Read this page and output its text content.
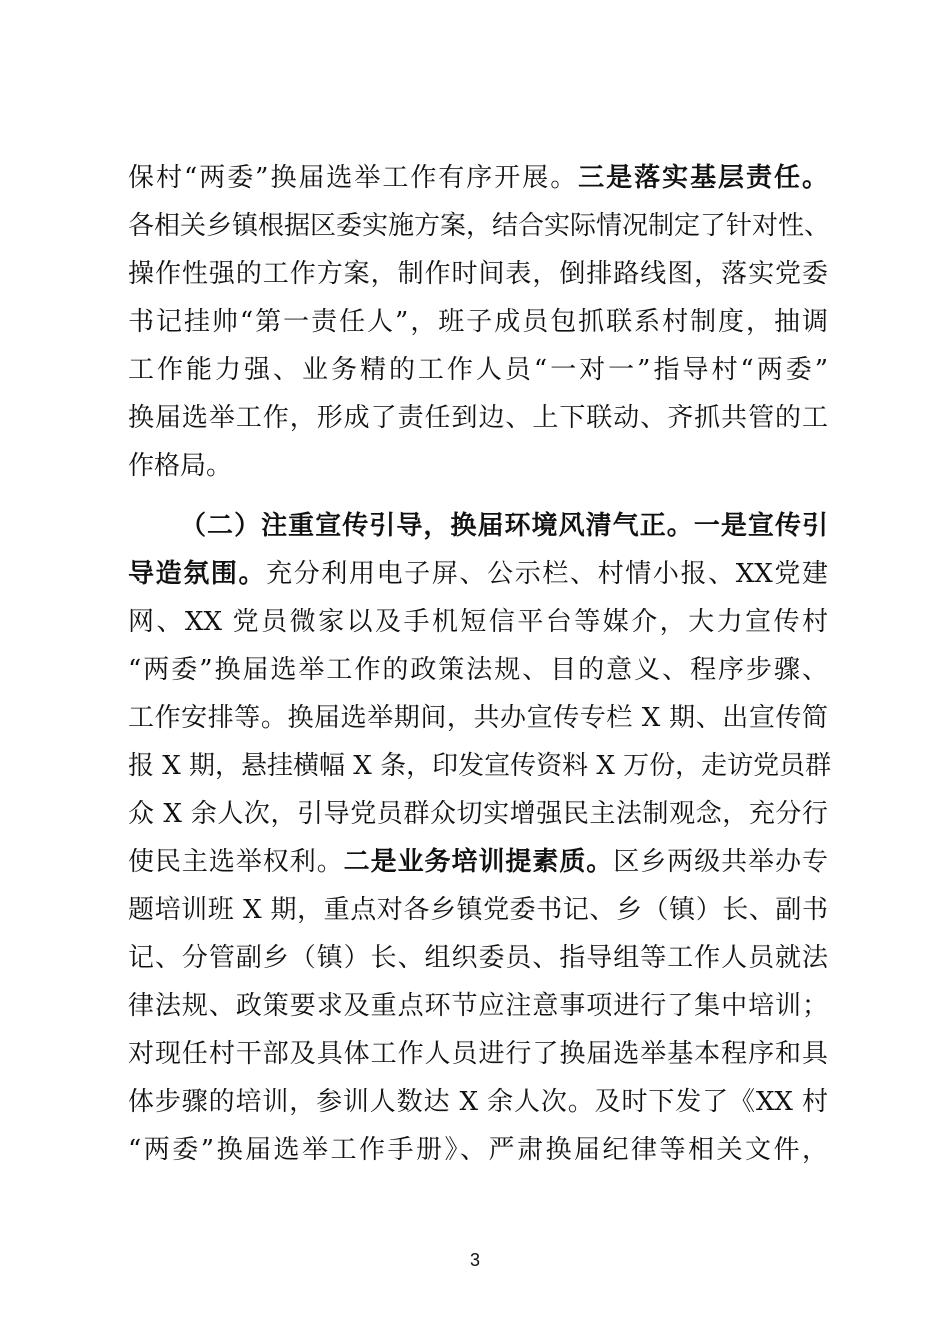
保村“两委”换届选举工作有序开展。三是落实基层责任。
各相关乡镇根据区委实施方案，结合实际情况制定了针对性、
操作性强的工作方案，制作时间表，倒排路线图，落实党委
书记挂帅“第一责任人”，班子成员包抓联系村制度，抽调
工作能力强、业务精的工作人员“一对一”指导村“两委”
换届选举工作，形成了责任到边、上下联动、齐抓共管的工
作格局。
（二）注重宣传引导，换届环境风清气正。一是宣传引
导造氛围。充分利用电子屏、公示栏、村情小报、XX党建
网、XX 党员微家以及手机短信平台等媒介，大力宣传村
“两委”换届选举工作的政策法规、目的意义、程序步骤、
工作安排等。换届选举期间，共办宣传专栏 X 期、出宣传简
报 X 期，悬挂横幅 X 条，印发宣传资料 X 万份，走访党员群
众 X 余人次，引导党员群众切实增强民主法制观念，充分行
使民主选举权利。二是业务培训提素质。区乡两级共举办专
题培训班 X 期，重点对各乡镇党委书记、乡（镇）长、副书
记、分管副乡（镇）长、组织委员、指导组等工作人员就法
律法规、政策要求及重点环节应注意事项进行了集中培训；
对现任村干部及具体工作人员进行了换届选举基本程序和具
体步骤的培训，参训人数达 X 余人次。及时下发了《XX 村
“两委”换届选举工作手册》、严肃换届纪律等相关文件，
3
